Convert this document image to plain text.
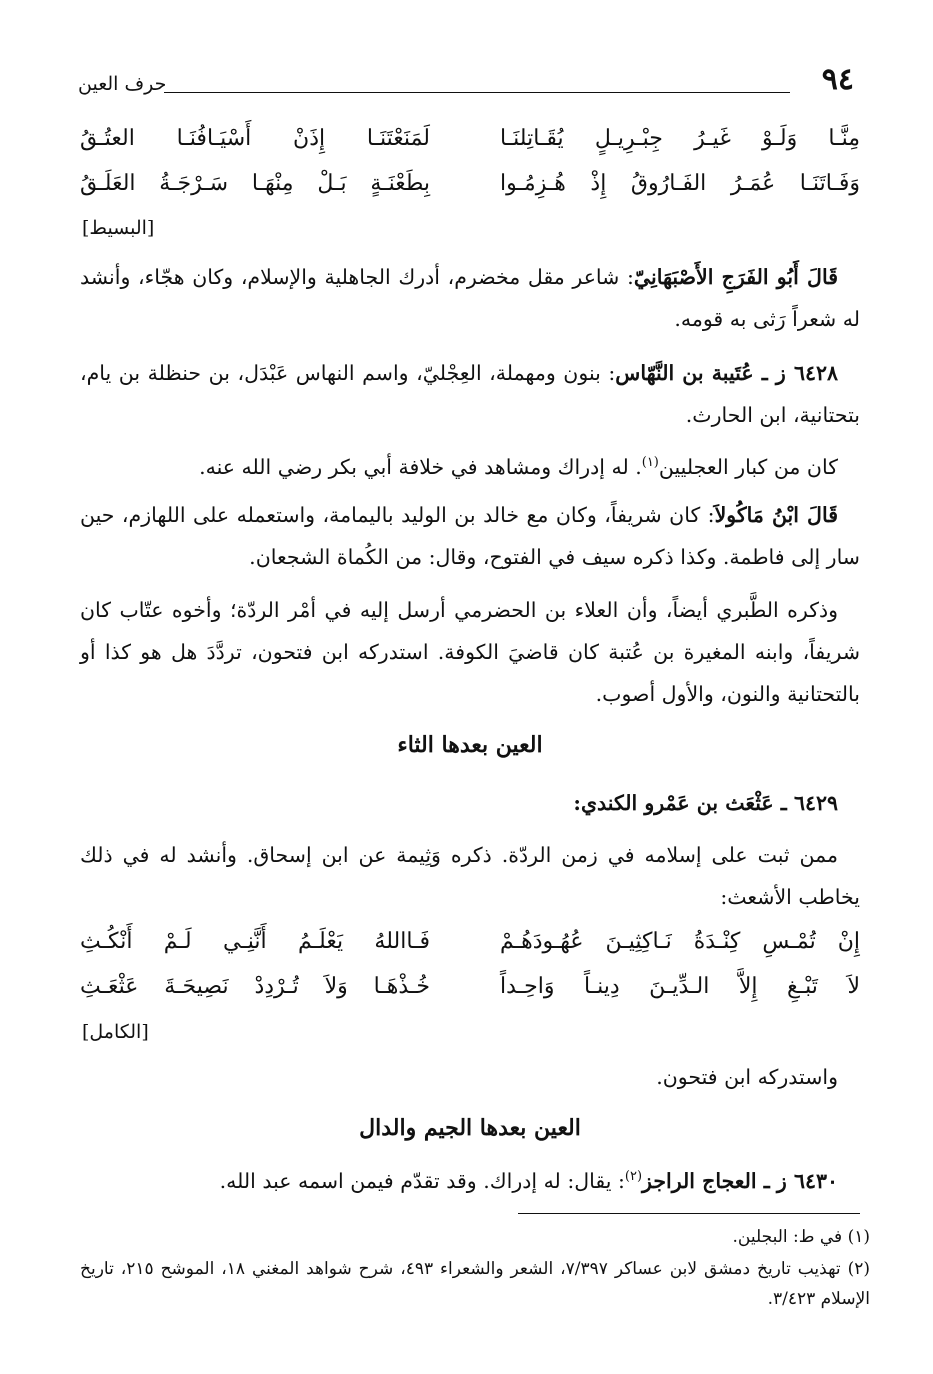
٩٤
حرف العين
مِنَّـا وَلَـوْ غَيـرُ جِبْـرِيـلٍ يُقَـاتِلنَـا
لَمَنَعْتَنَـا إِذَنْ أَسْيَـافُنَـا العتُـقُ
وَفَـاتَنَـا عُمَـرُ الفَـارُوقُ إِذْ هُـزِمُـوا
بِطَعْنَـةٍ بَـلْ مِنْهَـا سَـرْجَـةُ العَلَـقُ
[البسيط]
قَالَ أَبُو الفَرَجِ الأَصْبَهَانِيّ: شاعر مقل مخضرم، أدرك الجاهلية والإسلام، وكان هجّاء، وأنشد له شعراً رَثى به قومه.
٦٤٢٨ ز ـ عُتَيبة بن النَّهّاس: بنون ومهملة، العِجْليّ، واسم النهاس عَبْدَل، بن حنظلة بن يام، بتحتانية، ابن الحارث.
كان من كبار العجليين$^{(١)}$. له إدراك ومشاهد في خلافة أبي بكر رضي الله عنه.
قَالَ ابْنُ مَاكُولاَ: كان شريفاً، وكان مع خالد بن الوليد باليمامة، واستعمله على اللهازم، حين سار إلى فاطمة. وكذا ذكره سيف في الفتوح، وقال: من الكُماة الشجعان.
وذكره الطَّبري أيضاً، وأن العلاء بن الحضرمي أرسل إليه في أمْر الردّة؛ وأخوه عتّاب كان شريفاً، وابنه المغيرة بن عُتبة كان قاضيَ الكوفة. استدركه ابن فتحون، تردَّدَ هل هو كذا أو بالتحتانية والنون، والأول أصوب.
العين بعدها الثاء
٦٤٢٩ ـ عَثْعَث بن عَمْرو الكندي:
ممن ثبت على إسلامه في زمن الردّة. ذكره وَثِيمة عن ابن إسحاق. وأنشد له في ذلك يخاطب الأشعث:
إِنْ تُمْـسِ كِنْـدَةُ نَـاكِثِيـنَ عُهُـودَهُـمْ
فَـااللهُ يَعْلَـمُ أَنَّنِـي لَـمْ أَنْكُـثِ
لاَ تَبْـغِ إِلاَّ الـدِّيـنَ دِينـاً وَاحِـداً
خُـذْهَـا وَلاَ تُـرْدِدْ نَصِيحَـةَ عَثْعَـثِ
[الكامل]
واستدركه ابن فتحون.
العين بعدها الجيم والدال
٦٤٣٠ ز ـ العجاج الراجز$^{(٢)}$: يقال: له إدراك. وقد تقدّم فيمن اسمه عبد الله.
(١) في ط: البجلين.
(٢) تهذيب تاريخ دمشق لابن عساكر ٧/٣٩٧، الشعر والشعراء ٤٩٣، شرح شواهد المغني ١٨، الموشح ٢١٥، تاريخ الإسلام ٣/٤٢٣.
